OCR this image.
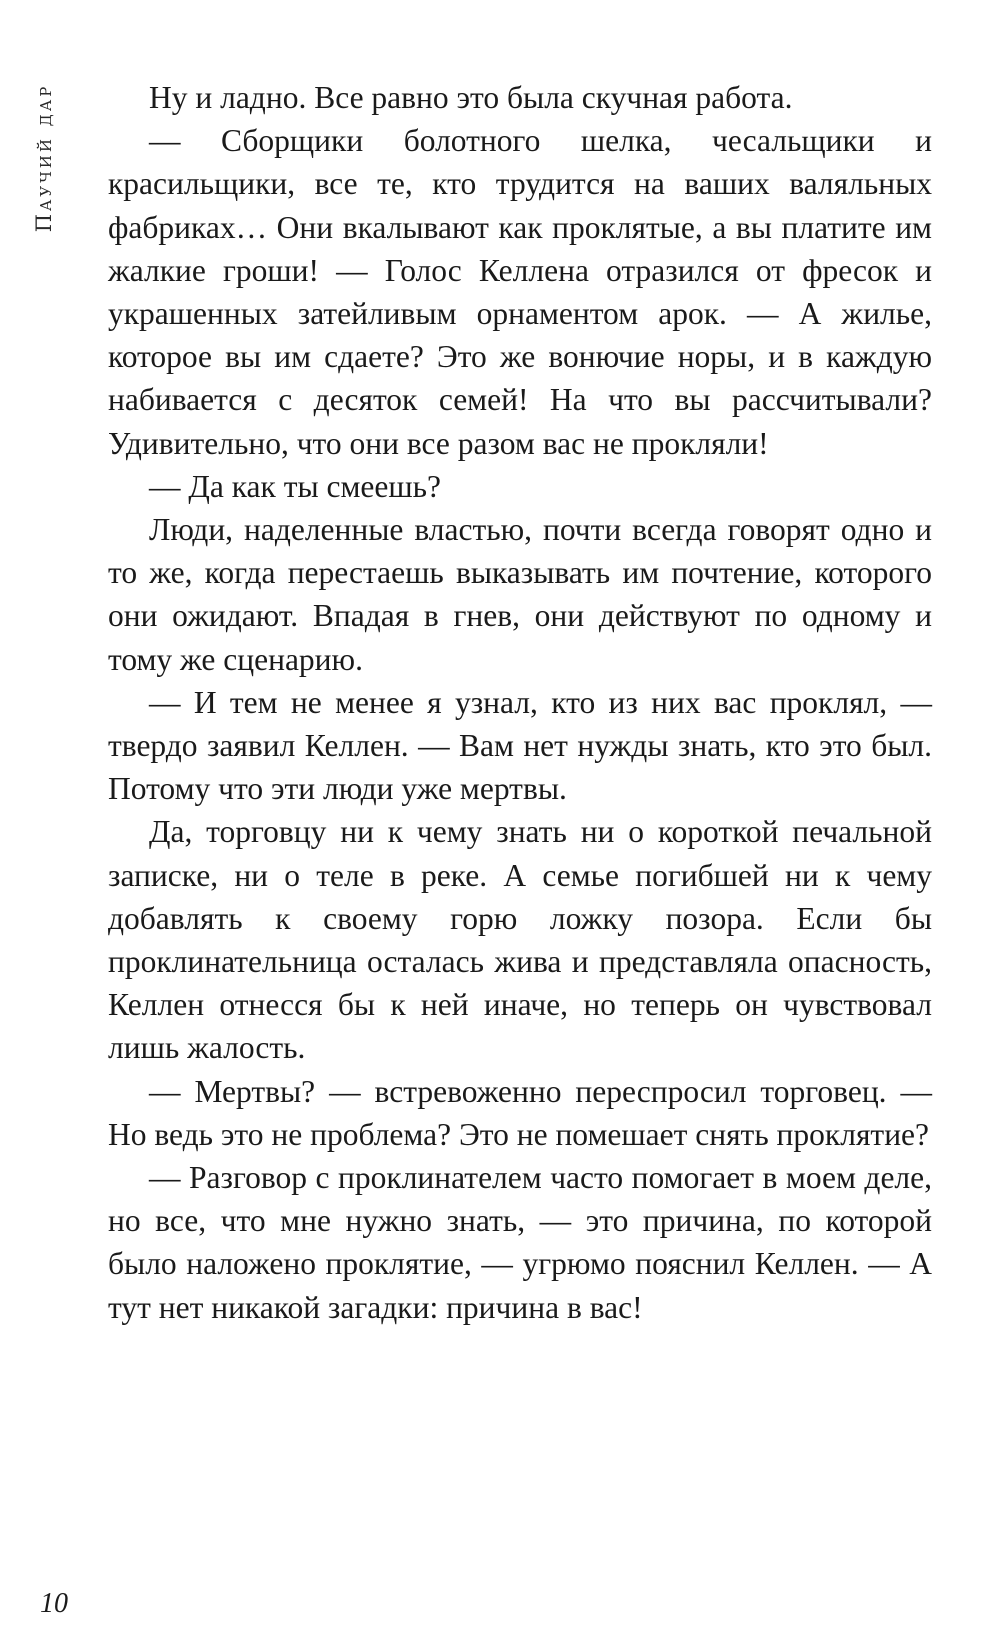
Паучий дар	Ну и ладно. Все равно это была скучная работа.

— Сборщики болотного шелка, чесальщики и красильщики, все те, кто трудится на ваших валяльных фабриках… Они вкалывают как проклятые, а вы платите им жалкие гроши! — Голос Келлена отразился от фресок и украшенных затейливым орнаментом арок. — А жилье, которое вы им сдаете? Это же вонючие норы, и в каждую набивается с десяток семей! На что вы рассчитывали? Удивительно, что они все разом вас не прокляли!

— Да как ты смеешь?

Люди, наделенные властью, почти всегда говорят одно и то же, когда перестаешь выказывать им почтение, которого они ожидают. Впадая в гнев, они действуют по одному и тому же сценарию.

— И тем не менее я узнал, кто из них вас проклял, — твердо заявил Келлен. — Вам нет нужды знать, кто это был. Потому что эти люди уже мертвы.

Да, торговцу ни к чему знать ни о короткой печальной записке, ни о теле в реке. А семье погибшей ни к чему добавлять к своему горю ложку позора. Если бы проклинательница осталась жива и представляла опасность, Келлен отнесся бы к ней иначе, но теперь он чувствовал лишь жалость.

— Мертвы? — встревоженно переспросил торговец. — Но ведь это не проблема? Это не помешает снять проклятие?

— Разговор с проклинателем часто помогает в моем деле, но все, что мне нужно знать, — это причина, по которой было наложено проклятие, — угрюмо пояснил Келлен. — А тут нет никакой загадки: причина в вас!

10
